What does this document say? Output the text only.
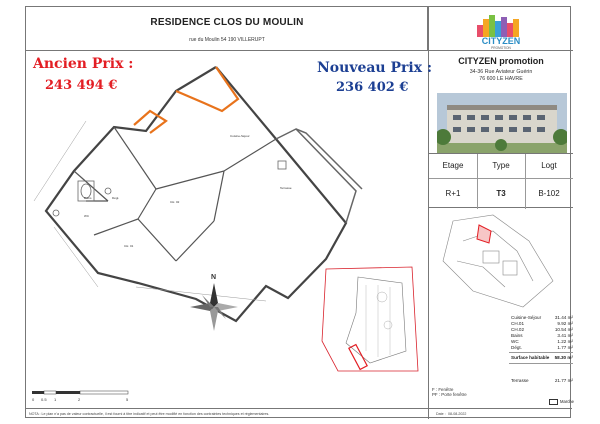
RESIDENCE CLOS DU MOULIN
rue du Moulin 54 190 VILLERUPT
Cuisine-Séjour
Terrasse
CH. 02
CH. 01
Bains	Dégt.
WC
N
0 0.5 1	2	5
CITYZEN
PROMOTION
CITYZEN promotion
34-36 Rue Aviateur Guérin
76 600 LE HAVRE
Etage	Type	Logt
R+1	T3	B-102
Cuisine-Séjour	31.44 m²
CH.01	9.92 m²
CH.02	10.54 m²
Bains	3.41 m²
WC	1.22 m²
Dégt.	1.77 m²
Surface habitable 58.30 m²
Terrasse	21.77 m²
F : Fenêtre
PF : Porte fenêtre
Marche
NOTA : Le plan n'a pas de valeur contractuelle, il est fourni à titre indicatif et peut être modifié en fonction des contraintes techniques et réglementaires.	Date : 08-08-2022
Ancien Prix :
243 494 €
Nouveau Prix :
236 402 €
